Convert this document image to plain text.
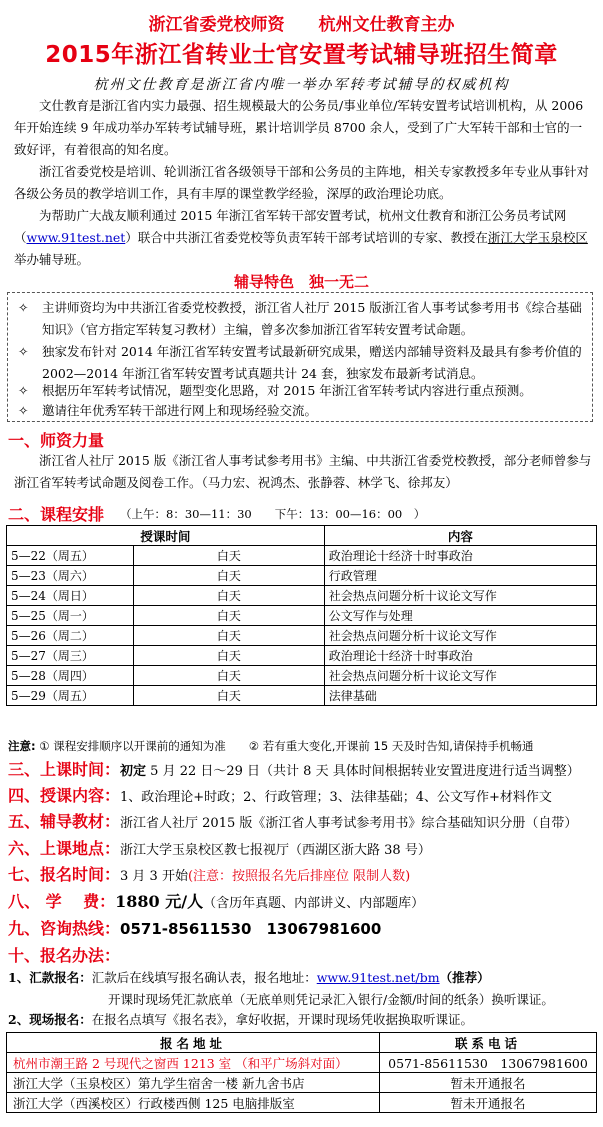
浙江省委党校师资　　杭州文仕教育主办
2015年浙江省转业士官安置考试辅导班招生简章
杭州文仕教育是浙江省内唯一举办军转考试辅导的权威机构
文仕教育是浙江省内实力最强、招生规模最大的公务员/事业单位/军转安置考试培训机构，从 2006 年开始连续 9 年成功举办军转考试辅导班，累计培训学员 8700 余人，受到了广大军转干部和士官的一致好评，有着很高的知名度。
浙江省委党校是培训、轮训浙江省各级领导干部和公务员的主阵地，相关专家教授多年专业从事针对各级公务员的教学培训工作，具有丰厚的课堂教学经验，深厚的政治理论功底。
为帮助广大战友顺利通过 2015 年浙江省军转干部安置考试，杭州文仕教育和浙江公务员考试网（www.91test.net）联合中共浙江省委党校等负责军转干部考试培训的专家、教授在浙江大学玉泉校区举办辅导班。
辅导特色　独一无二
✧	主讲师资均为中共浙江省委党校教授，浙江省人社厅 2015 版浙江省人事考试参考用书《综合基础知识》（官方指定军转复习教材）主编，曾多次参加浙江省军转安置考试命题。
✧	独家发布针对 2014 年浙江省军转安置考试最新研究成果，赠送内部辅导资料及最具有参考价值的 2002—2014 年浙江省军转安置考试真题共计 24 套，独家发布最新考试消息。
✧	根据历年军转考试情况，题型变化思路，对 2015 年浙江省军转考试内容进行重点预测。
✧	邀请往年优秀军转干部进行网上和现场经验交流。
一、师资力量
浙江省人社厅 2015 版《浙江省人事考试参考用书》主编、中共浙江省委党校教授，部分老师曾参与浙江省军转考试命题及阅卷工作。（马力宏、祝鸿杰、张静蓉、林学飞、徐邦友）
二、课程安排 （上午：8：30—11：30　　下午：13：00—16：00　）
授课时间		内容
5—22（周五）	白天	政治理论十经济十时事政治
5—23（周六）	白天	行政管理
5—24（周日）	白天	社会热点问题分析十议论文写作
5—25（周一）	白天	公文写作与处理
5—26（周二）	白天	社会热点问题分析十议论文写作
5—27（周三）	白天	政治理论十经济十时事政治
5—28（周四）	白天	社会热点问题分析十议论文写作
5—29（周五）	白天	法律基础
注意: ① 课程安排顺序以开课前的通知为准　　② 若有重大变化,开课前 15 天及时告知,请保持手机畅通
三、上课时间：初定 5 月 22 日～29 日（共计 8 天 具体时间根据转业安置进度进行适当调整）
四、授课内容：1、政治理论+时政；2、行政管理；3、法律基础；4、公文写作+材料作文
五、辅导教材：浙江省人社厅 2015 版《浙江省人事考试参考用书》综合基础知识分册（自带）
六、上课地点：浙江大学玉泉校区教七报视厅（西湖区浙大路 38 号）
七、报名时间：3 月 3 开始(注意：按照报名先后排座位 限制人数)
八、 学　 费：1880 元/人（含历年真题、内部讲义、内部题库）
九、咨询热线：0571-85611530　13067981600
十、报名办法：
1、汇款报名：汇款后在线填写报名确认表，报名地址：www.91test.net/bm（推荐）
开课时现场凭汇款底单（无底单则凭记录汇入银行/金额/时间的纸条）换听课证。
2、现场报名：在报名点填写《报名表》，拿好收据，开课时现场凭收据换取听课证。
报名地址	联系电话
杭州市潮王路 2 号现代之窗西 1213 室 （和平广场斜对面）	0571-85611530　13067981600
浙江大学（玉泉校区）第九学生宿舍一楼 新九舍书店	暂未开通报名
浙江大学（西溪校区）行政楼西侧 125 电脑排版室	暂未开通报名
